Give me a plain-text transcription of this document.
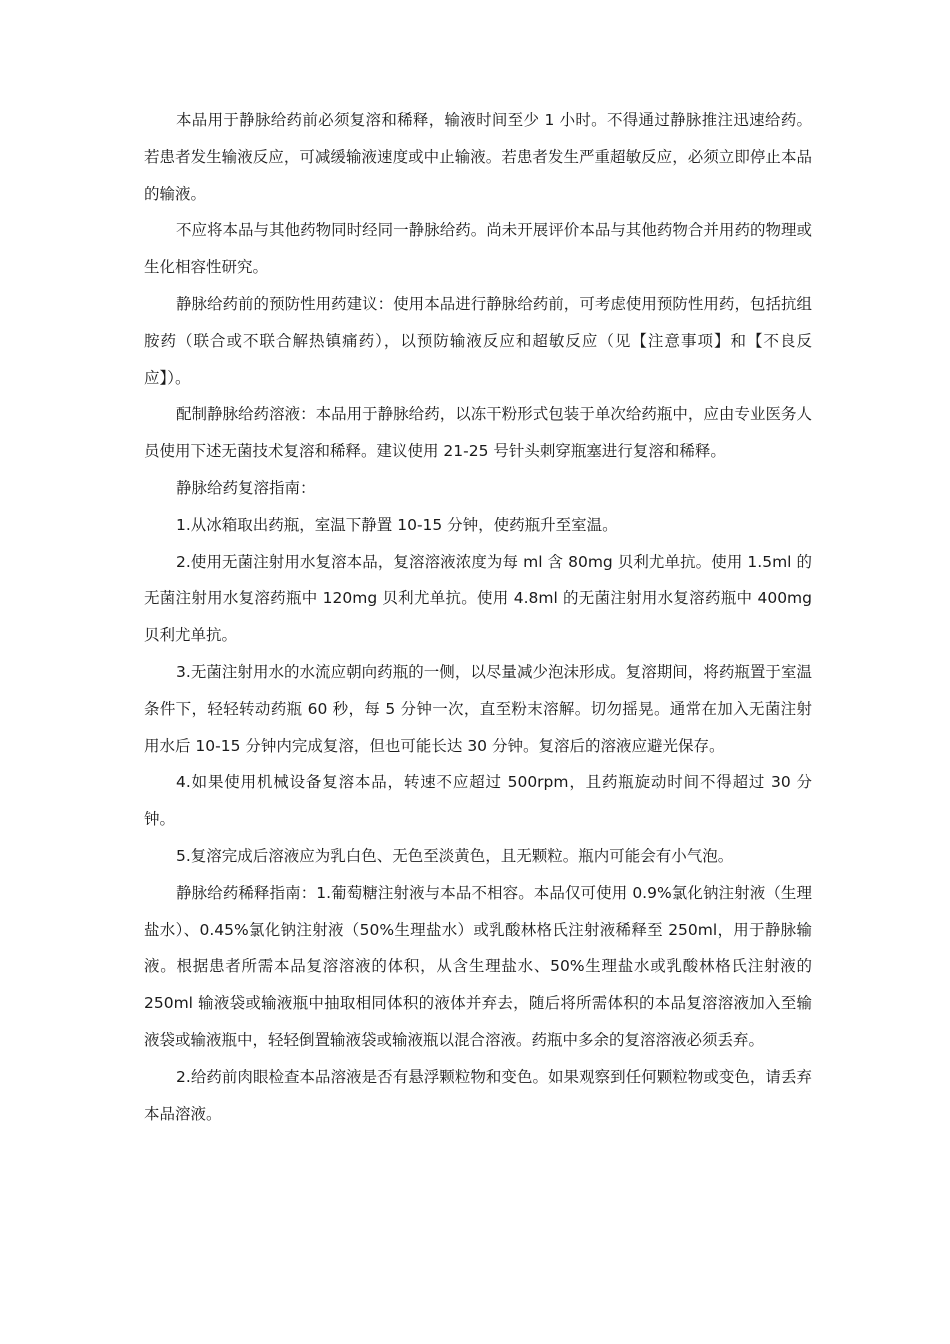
本品用于静脉给药前必须复溶和稀释，输液时间至少 1 小时。不得通过静脉推注迅速给药。若患者发生输液反应，可减缓输液速度或中止输液。若患者发生严重超敏反应，必须立即停止本品的输液。

不应将本品与其他药物同时经同一静脉给药。尚未开展评价本品与其他药物合并用药的物理或生化相容性研究。

静脉给药前的预防性用药建议：使用本品进行静脉给药前，可考虑使用预防性用药，包括抗组胺药（联合或不联合解热镇痛药），以预防输液反应和超敏反应（见【注意事项】和【不良反应】）。

配制静脉给药溶液：本品用于静脉给药，以冻干粉形式包装于单次给药瓶中，应由专业医务人员使用下述无菌技术复溶和稀释。建议使用 21-25 号针头刺穿瓶塞进行复溶和稀释。

静脉给药复溶指南：

1.从冰箱取出药瓶，室温下静置 10-15 分钟，使药瓶升至室温。

2.使用无菌注射用水复溶本品，复溶溶液浓度为每 ml 含 80mg 贝利尤单抗。使用 1.5ml 的无菌注射用水复溶药瓶中 120mg 贝利尤单抗。使用 4.8ml 的无菌注射用水复溶药瓶中 400mg 贝利尤单抗。

3.无菌注射用水的水流应朝向药瓶的一侧，以尽量减少泡沫形成。复溶期间，将药瓶置于室温条件下，轻轻转动药瓶 60 秒，每 5 分钟一次，直至粉末溶解。切勿摇晃。通常在加入无菌注射用水后 10-15 分钟内完成复溶，但也可能长达 30 分钟。复溶后的溶液应避光保存。

4.如果使用机械设备复溶本品，转速不应超过 500rpm，且药瓶旋动时间不得超过 30 分钟。

5.复溶完成后溶液应为乳白色、无色至淡黄色，且无颗粒。瓶内可能会有小气泡。

静脉给药稀释指南：1.葡萄糖注射液与本品不相容。本品仅可使用 0.9%氯化钠注射液（生理盐水）、0.45%氯化钠注射液（50%生理盐水）或乳酸林格氏注射液稀释至 250ml，用于静脉输液。根据患者所需本品复溶溶液的体积，从含生理盐水、50%生理盐水或乳酸林格氏注射液的 250ml 输液袋或输液瓶中抽取相同体积的液体并弃去，随后将所需体积的本品复溶溶液加入至输液袋或输液瓶中，轻轻倒置输液袋或输液瓶以混合溶液。药瓶中多余的复溶溶液必须丢弃。

2.给药前肉眼检查本品溶液是否有悬浮颗粒物和变色。如果观察到任何颗粒物或变色，请丢弃本品溶液。
